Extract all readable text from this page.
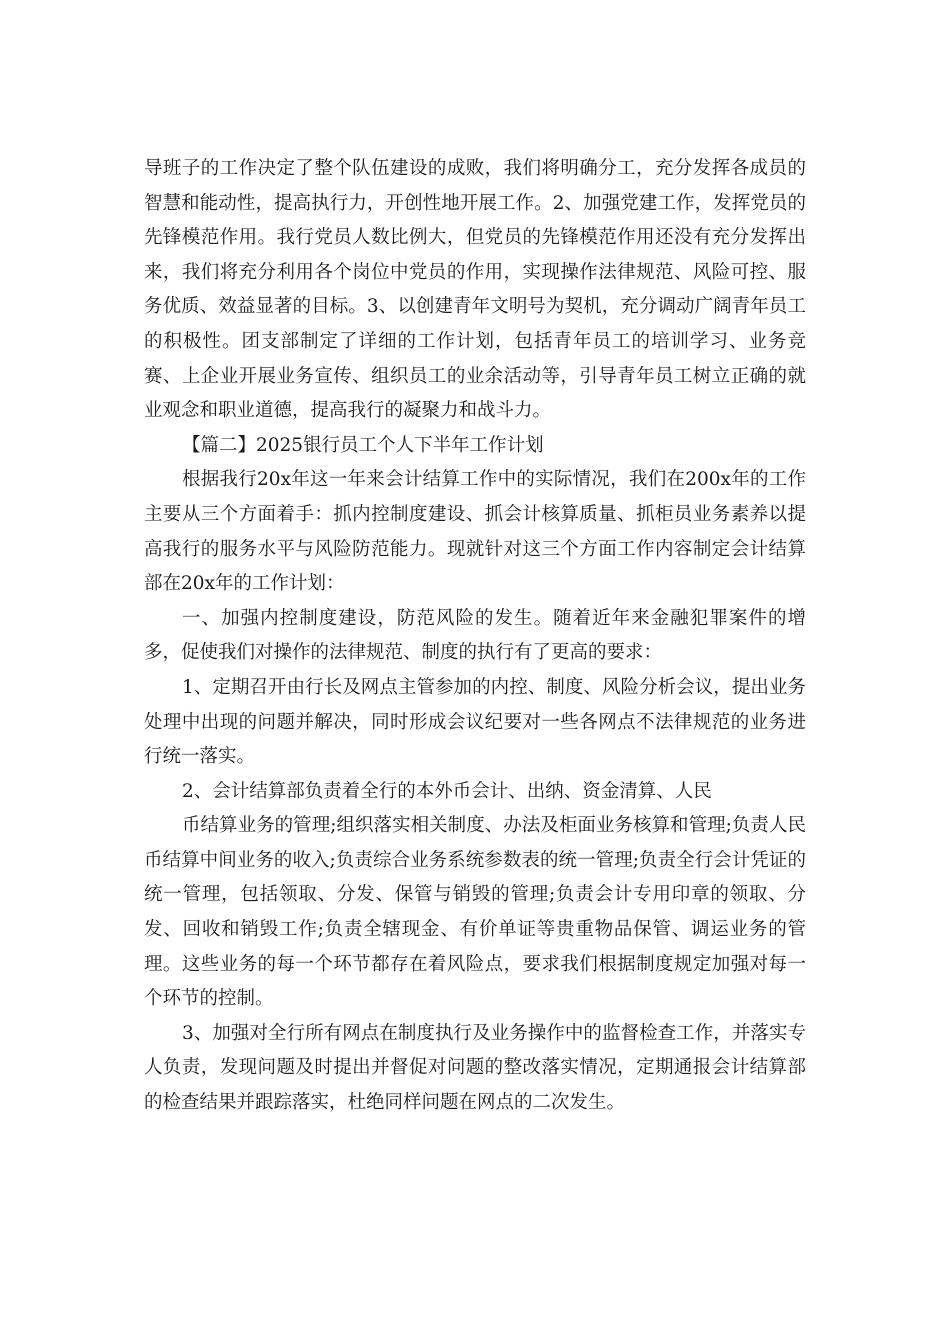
导班子的工作决定了整个队伍建设的成败，我们将明确分工，充分发挥各成员的智慧和能动性，提高执行力，开创性地开展工作。2、加强党建工作，发挥党员的先锋模范作用。我行党员人数比例大，但党员的先锋模范作用还没有充分发挥出来，我们将充分利用各个岗位中党员的作用，实现操作法律规范、风险可控、服务优质、效益显著的目标。3、以创建青年文明号为契机，充分调动广阔青年员工的积极性。团支部制定了详细的工作计划，包括青年员工的培训学习、业务竞赛、上企业开展业务宣传、组织员工的业余活动等，引导青年员工树立正确的就业观念和职业道德，提高我行的凝聚力和战斗力。

【篇二】2025银行员工个人下半年工作计划

根据我行20x年这一年来会计结算工作中的实际情况，我们在200x年的工作主要从三个方面着手：抓内控制度建设、抓会计核算质量、抓柜员业务素养以提高我行的服务水平与风险防范能力。现就针对这三个方面工作内容制定会计结算部在20x年的工作计划：

一、加强内控制度建设，防范风险的发生。随着近年来金融犯罪案件的增多，促使我们对操作的法律规范、制度的执行有了更高的要求：

1、定期召开由行长及网点主管参加的内控、制度、风险分析会议，提出业务处理中出现的问题并解决，同时形成会议纪要对一些各网点不法律规范的业务进行统一落实。

2、会计结算部负责着全行的本外币会计、出纳、资金清算、人民

币结算业务的管理;组织落实相关制度、办法及柜面业务核算和管理;负责人民币结算中间业务的收入;负责综合业务系统参数表的统一管理;负责全行会计凭证的统一管理，包括领取、分发、保管与销毁的管理;负责会计专用印章的领取、分发、回收和销毁工作;负责全辖现金、有价单证等贵重物品保管、调运业务的管理。这些业务的每一个环节都存在着风险点，要求我们根据制度规定加强对每一个环节的控制。

3、加强对全行所有网点在制度执行及业务操作中的监督检查工作，并落实专人负责，发现问题及时提出并督促对问题的整改落实情况，定期通报会计结算部的检查结果并跟踪落实，杜绝同样问题在网点的二次发生。
